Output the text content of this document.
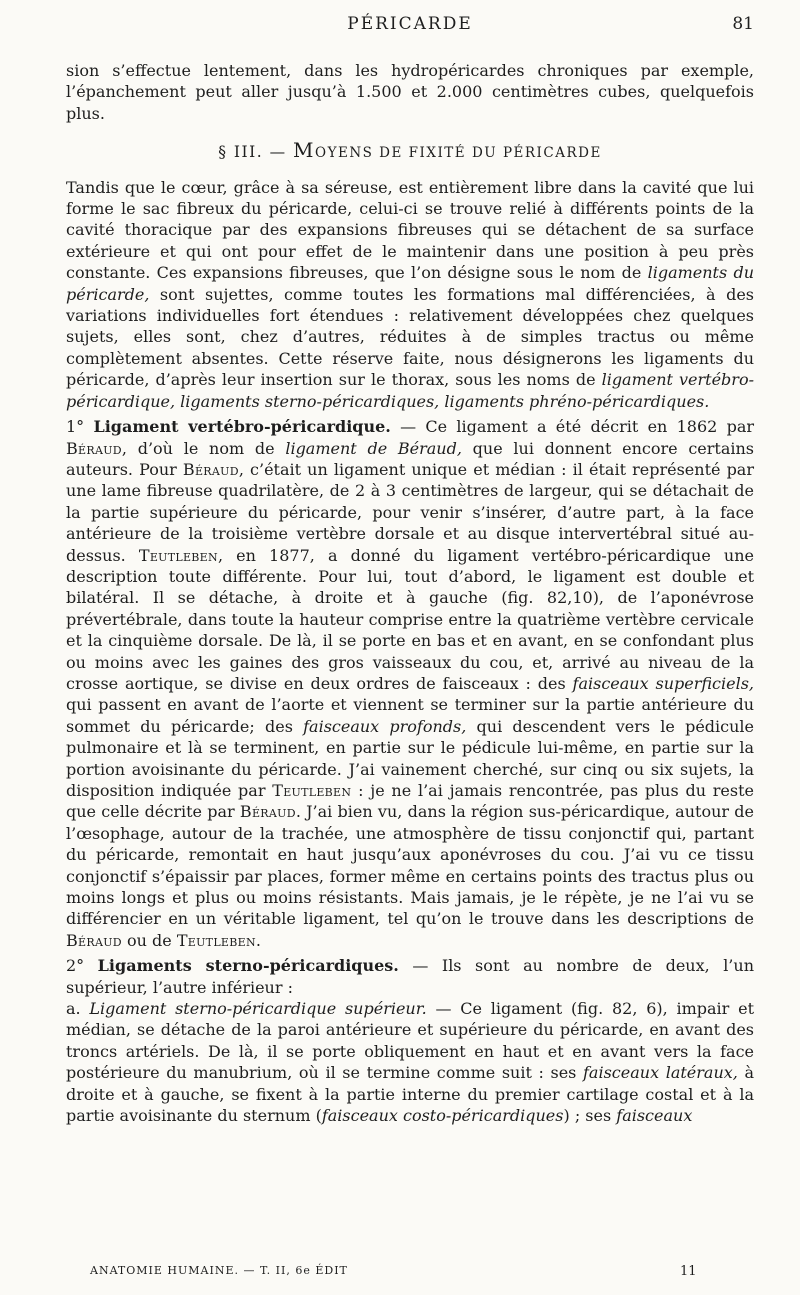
PÉRICARDE	81

sion s’effectue lentement, dans les hydropéricardes chroniques par exemple, l’épanchement peut aller jusqu’à 1.500 et 2.000 centimètres cubes, quelquefois plus.

§ III. — MOYENS DE FIXITÉ DU PÉRICARDE

Tandis que le cœur, grâce à sa séreuse, est entièrement libre dans la cavité que lui forme le sac fibreux du péricarde, celui-ci se trouve relié à différents points de la cavité thoracique par des expansions fibreuses qui se détachent de sa surface extérieure et qui ont pour effet de le maintenir dans une position à peu près constante. Ces expansions fibreuses, que l’on désigne sous le nom de ligaments du péricarde, sont sujettes, comme toutes les formations mal différenciées, à des variations individuelles fort étendues : relativement développées chez quelques sujets, elles sont, chez d’autres, réduites à de simples tractus ou même complètement absentes. Cette réserve faite, nous désignerons les ligaments du péricarde, d’après leur insertion sur le thorax, sous les noms de ligament vertébro-péricardique, ligaments sterno-péricardiques, ligaments phréno-péricardiques.

1° Ligament vertébro-péricardique. — Ce ligament a été décrit en 1862 par Béraud, d’où le nom de ligament de Béraud, que lui donnent encore certains auteurs. Pour Béraud, c’était un ligament unique et médian : il était représenté par une lame fibreuse quadrilatère, de 2 à 3 centimètres de largeur, qui se détachait de la partie supérieure du péricarde, pour venir s’insérer, d’autre part, à la face antérieure de la troisième vertèbre dorsale et au disque intervertébral situé au-dessus. Teutleben, en 1877, a donné du ligament vertébro-péricardique une description toute différente. Pour lui, tout d’abord, le ligament est double et bilatéral. Il se détache, à droite et à gauche (fig. 82,10), de l’aponévrose prévertébrale, dans toute la hauteur comprise entre la quatrième vertèbre cervicale et la cinquième dorsale. De là, il se porte en bas et en avant, en se confondant plus ou moins avec les gaines des gros vaisseaux du cou, et, arrivé au niveau de la crosse aortique, se divise en deux ordres de faisceaux : des faisceaux superficiels, qui passent en avant de l’aorte et viennent se terminer sur la partie antérieure du sommet du péricarde; des faisceaux profonds, qui descendent vers le pédicule pulmonaire et là se terminent, en partie sur le pédicule lui-même, en partie sur la portion avoisinante du péricarde. J’ai vainement cherché, sur cinq ou six sujets, la disposition indiquée par Teutleben : je ne l’ai jamais rencontrée, pas plus du reste que celle décrite par Béraud. J’ai bien vu, dans la région sus-péricardique, autour de l’œsophage, autour de la trachée, une atmosphère de tissu conjonctif qui, partant du péricarde, remontait en haut jusqu’aux aponévroses du cou. J’ai vu ce tissu conjonctif s’épaissir par places, former même en certains points des tractus plus ou moins longs et plus ou moins résistants. Mais jamais, je le répète, je ne l’ai vu se différencier en un véritable ligament, tel qu’on le trouve dans les descriptions de Béraud ou de Teutleben.

2° Ligaments sterno-péricardiques. — Ils sont au nombre de deux, l’un supérieur, l’autre inférieur :

a. Ligament sterno-péricardique supérieur. — Ce ligament (fig. 82, 6), impair et médian, se détache de la paroi antérieure et supérieure du péricarde, en avant des troncs artériels. De là, il se porte obliquement en haut et en avant vers la face postérieure du manubrium, où il se termine comme suit : ses faisceaux latéraux, à droite et à gauche, se fixent à la partie interne du premier cartilage costal et à la partie avoisinante du sternum (faisceaux costo-péricardiques) ; ses faisceaux

ANATOMIE HUMAINE. — T. II, 6e ÉDIT	11
